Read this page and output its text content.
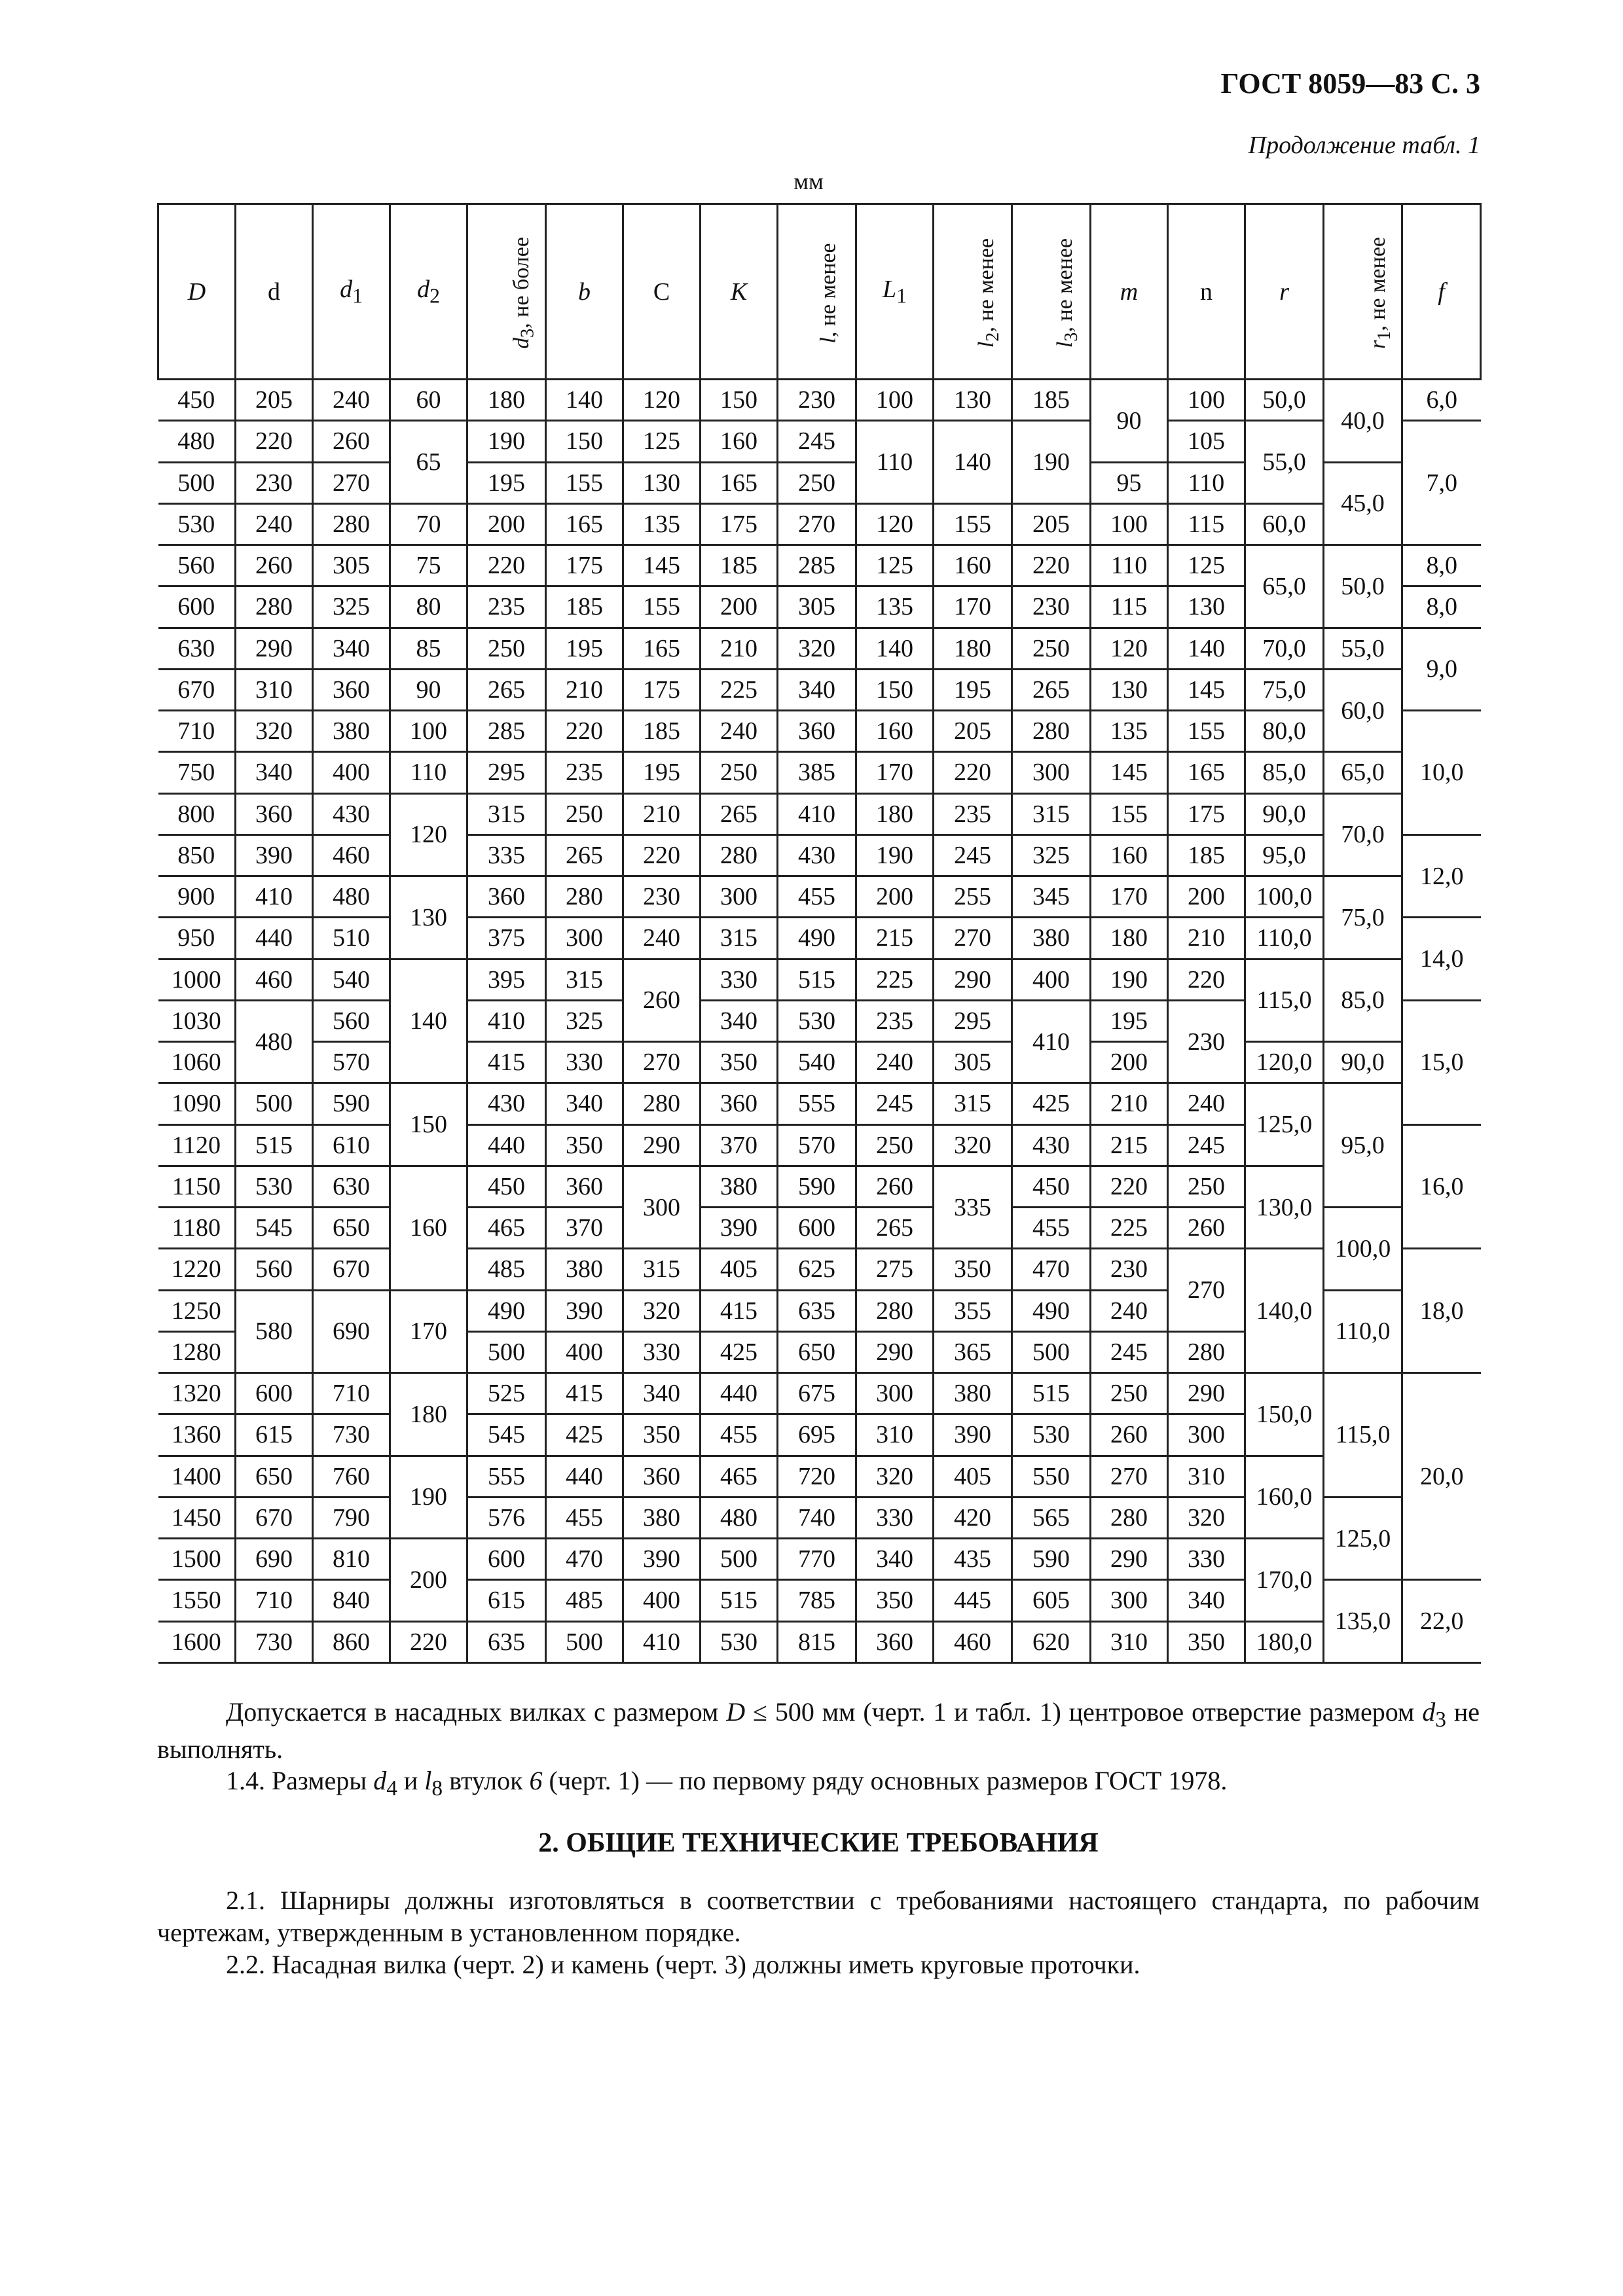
ГОСТ 8059—83 С. 3
Продолжение табл. 1
мм
D	d	$d_1$	$d_2$	$d_3$, не более	b	C	K	l, не менее	$L_1$	$l_2$, не менее	$l_3$, не менее	m	n	r	$r_1$, не менее	f
450	205	240	60	180	140	120	150	230	100	130	185	90	100	50,0	40,0	6,0
480	220	260	65	190	150	125	160	245	110	140	190		105	55,0		7,0
500	230	270		195	155	130	165	250				95	110		45,0	
530	240	280	70	200	165	135	175	270	120	155	205	100	115	60,0		
560	260	305	75	220	175	145	185	285	125	160	220	110	125	65,0	50,0	8,0
600	280	325	80	235	185	155	200	305	135	170	230	115	130			8,0
630	290	340	85	250	195	165	210	320	140	180	250	120	140	70,0	55,0	9,0
670	310	360	90	265	210	175	225	340	150	195	265	130	145	75,0	60,0	
710	320	380	100	285	220	185	240	360	160	205	280	135	155	80,0		10,0
750	340	400	110	295	235	195	250	385	170	220	300	145	165	85,0	65,0	
800	360	430	120	315	250	210	265	410	180	235	315	155	175	90,0	70,0	
850	390	460		335	265	220	280	430	190	245	325	160	185	95,0		12,0
900	410	480	130	360	280	230	300	455	200	255	345	170	200	100,0	75,0	
950	440	510		375	300	240	315	490	215	270	380	180	210	110,0		14,0
1000	460	540	140	395	315	260	330	515	225	290	400	190	220	115,0	85,0	
1030	480	560		410	325		340	530	235	295	410	195	230			15,0
1060		570		415	330	270	350	540	240	305		200		120,0	90,0	
1090	500	590	150	430	340	280	360	555	245	315	425	210	240	125,0	95,0	
1120	515	610		440	350	290	370	570	250	320	430	215	245			16,0
1150	530	630	160	450	360	300	380	590	260	335	450	220	250	130,0		
1180	545	650		465	370		390	600	265		455	225	260		100,0	
1220	560	670		485	380	315	405	625	275	350	470	230	270	140,0		18,0
1250	580	690	170	490	390	320	415	635	280	355	490	240			110,0	
1280				500	400	330	425	650	290	365	500	245	280			
1320	600	710	180	525	415	340	440	675	300	380	515	250	290	150,0	115,0	20,0
1360	615	730		545	425	350	455	695	310	390	530	260	300			
1400	650	760	190	555	440	360	465	720	320	405	550	270	310	160,0		
1450	670	790		576	455	380	480	740	330	420	565	280	320		125,0	
1500	690	810	200	600	470	390	500	770	340	435	590	290	330	170,0		
1550	710	840		615	485	400	515	785	350	445	605	300	340		135,0	22,0
1600	730	860	220	635	500	410	530	815	360	460	620	310	350	180,0		

Допускается в насадных вилках с размером D ≤ 500 мм (черт. 1 и табл. 1) центровое отверстие размером $d_3$ не выполнять.

1.4. Размеры $d_4$ и $l_8$ втулок 6 (черт. 1) — по первому ряду основных размеров ГОСТ 1978.

2. ОБЩИЕ ТЕХНИЧЕСКИЕ ТРЕБОВАНИЯ

2.1. Шарниры должны изготовляться в соответствии с требованиями настоящего стандарта, по рабочим чертежам, утвержденным в установленном порядке.

2.2. Насадная вилка (черт. 2) и камень (черт. 3) должны иметь круговые проточки.
